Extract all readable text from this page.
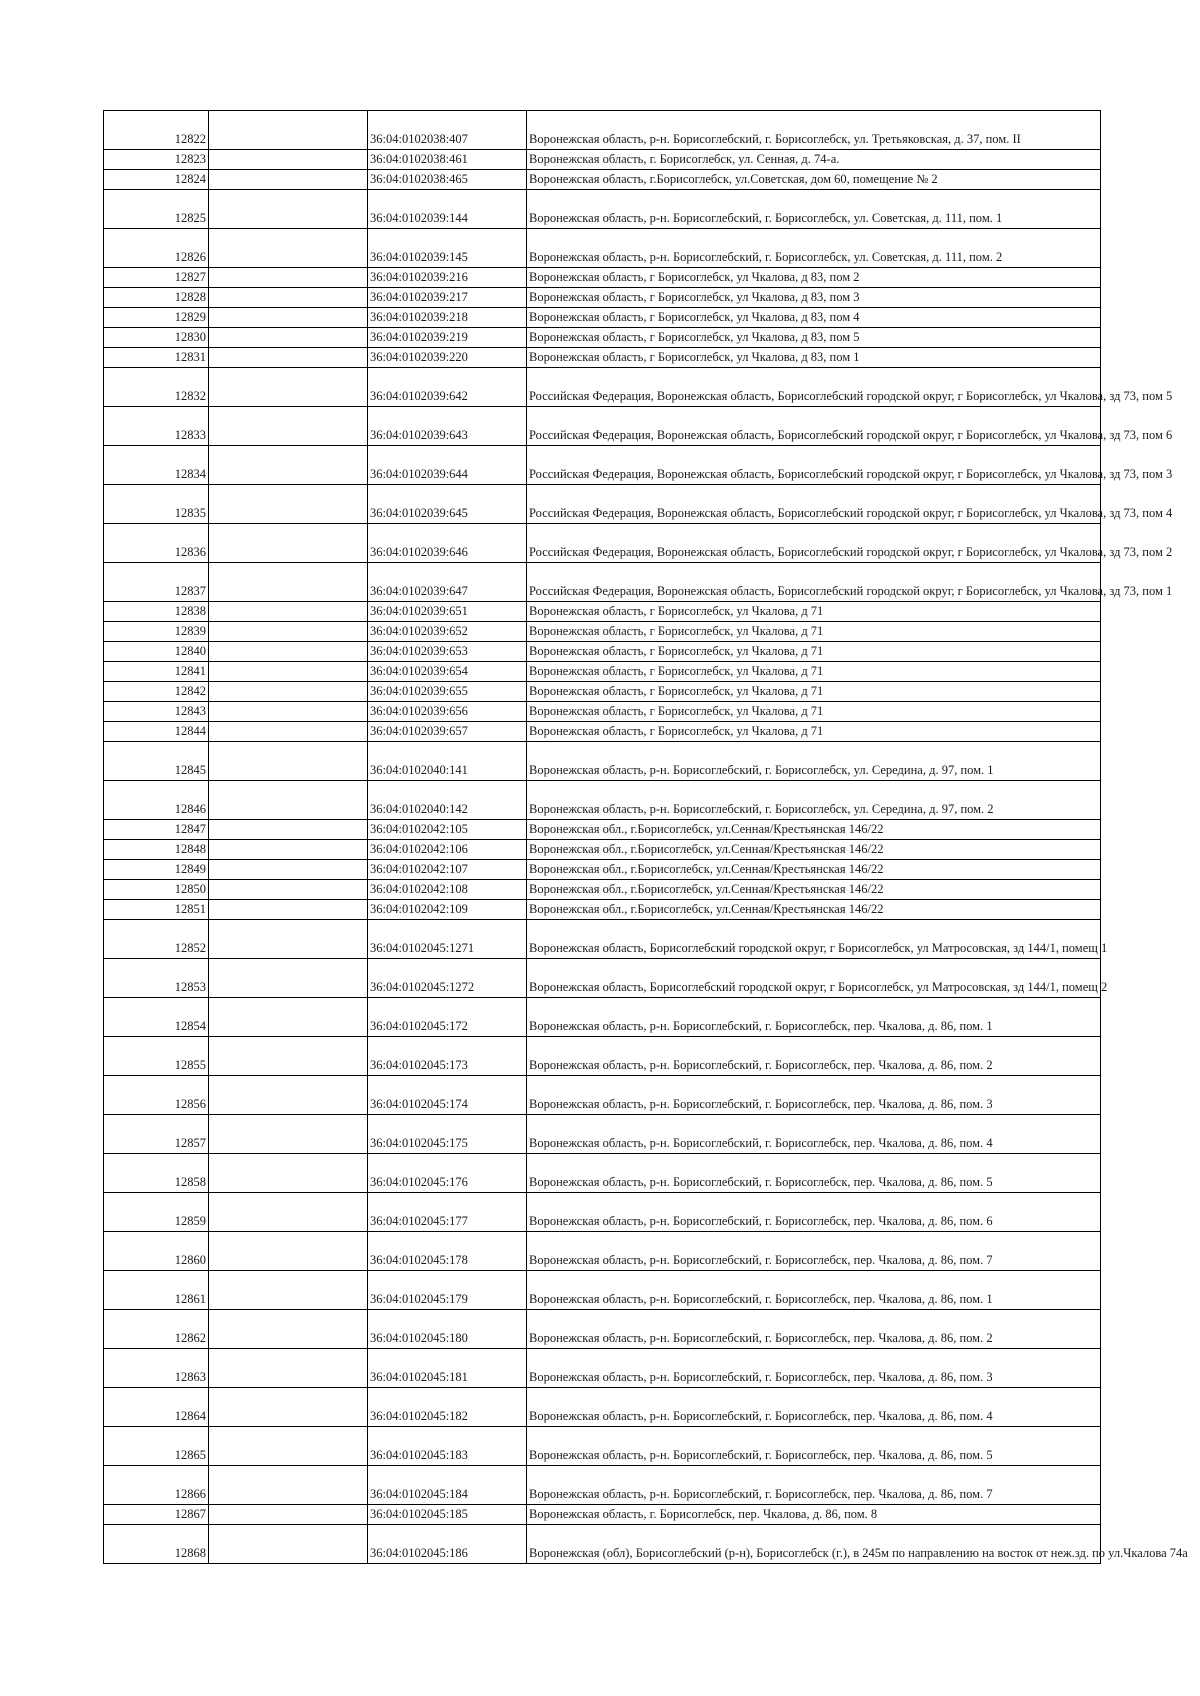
12822		36:04:0102038:407	Воронежская область, р-н. Борисоглебский, г. Борисоглебск, ул. Третьяковская, д. 37, пом. II
12823		36:04:0102038:461	Воронежская область, г. Борисоглебск, ул. Сенная, д. 74-а.
12824		36:04:0102038:465	Воронежская область, г.Борисоглебск, ул.Советская, дом 60, помещение № 2
12825		36:04:0102039:144	Воронежская область, р-н. Борисоглебский, г. Борисоглебск, ул. Советская, д. 111, пом. 1
12826		36:04:0102039:145	Воронежская область, р-н. Борисоглебский, г. Борисоглебск, ул. Советская, д. 111, пом. 2
12827		36:04:0102039:216	Воронежская область, г Борисоглебск, ул Чкалова, д 83, пом 2
12828		36:04:0102039:217	Воронежская область, г Борисоглебск, ул Чкалова, д 83, пом 3
12829		36:04:0102039:218	Воронежская область, г Борисоглебск, ул Чкалова, д 83, пом 4
12830		36:04:0102039:219	Воронежская область, г Борисоглебск, ул Чкалова, д 83, пом 5
12831		36:04:0102039:220	Воронежская область, г Борисоглебск, ул Чкалова, д 83, пом 1
12832		36:04:0102039:642	Российская Федерация, Воронежская область, Борисоглебский городской округ, г Борисоглебск, ул Чкалова, зд 73, пом 5
12833		36:04:0102039:643	Российская Федерация, Воронежская область, Борисоглебский городской округ, г Борисоглебск, ул Чкалова, зд 73, пом 6
12834		36:04:0102039:644	Российская Федерация, Воронежская область, Борисоглебский городской округ, г Борисоглебск, ул Чкалова, зд 73, пом 3
12835		36:04:0102039:645	Российская Федерация, Воронежская область, Борисоглебский городской округ, г Борисоглебск, ул Чкалова, зд 73, пом 4
12836		36:04:0102039:646	Российская Федерация, Воронежская область, Борисоглебский городской округ, г Борисоглебск, ул Чкалова, зд 73, пом 2
12837		36:04:0102039:647	Российская Федерация, Воронежская область, Борисоглебский городской округ, г Борисоглебск, ул Чкалова, зд 73, пом 1
12838		36:04:0102039:651	Воронежская область, г Борисоглебск, ул Чкалова, д 71
12839		36:04:0102039:652	Воронежская область, г Борисоглебск, ул Чкалова, д 71
12840		36:04:0102039:653	Воронежская область, г Борисоглебск, ул Чкалова, д 71
12841		36:04:0102039:654	Воронежская область, г Борисоглебск, ул Чкалова, д 71
12842		36:04:0102039:655	Воронежская область, г Борисоглебск, ул Чкалова, д 71
12843		36:04:0102039:656	Воронежская область, г Борисоглебск, ул Чкалова, д 71
12844		36:04:0102039:657	Воронежская область, г Борисоглебск, ул Чкалова, д 71
12845		36:04:0102040:141	Воронежская область, р-н. Борисоглебский, г. Борисоглебск, ул. Середина, д. 97, пом. 1
12846		36:04:0102040:142	Воронежская область, р-н. Борисоглебский, г. Борисоглебск, ул. Середина, д. 97, пом. 2
12847		36:04:0102042:105	Воронежская обл., г.Борисоглебск, ул.Сенная/Крестьянская 146/22
12848		36:04:0102042:106	Воронежская обл., г.Борисоглебск, ул.Сенная/Крестьянская 146/22
12849		36:04:0102042:107	Воронежская обл., г.Борисоглебск, ул.Сенная/Крестьянская 146/22
12850		36:04:0102042:108	Воронежская обл., г.Борисоглебск, ул.Сенная/Крестьянская 146/22
12851		36:04:0102042:109	Воронежская обл., г.Борисоглебск, ул.Сенная/Крестьянская 146/22
12852		36:04:0102045:1271	Воронежская область, Борисоглебский городской округ, г Борисоглебск, ул Матросовская, зд 144/1, помещ 1
12853		36:04:0102045:1272	Воронежская область, Борисоглебский городской округ, г Борисоглебск, ул Матросовская, зд 144/1, помещ 2
12854		36:04:0102045:172	Воронежская область, р-н. Борисоглебский, г. Борисоглебск, пер. Чкалова, д. 86, пом. 1
12855		36:04:0102045:173	Воронежская область, р-н. Борисоглебский, г. Борисоглебск, пер. Чкалова, д. 86, пом. 2
12856		36:04:0102045:174	Воронежская область, р-н. Борисоглебский, г. Борисоглебск, пер. Чкалова, д. 86, пом. 3
12857		36:04:0102045:175	Воронежская область, р-н. Борисоглебский, г. Борисоглебск, пер. Чкалова, д. 86, пом. 4
12858		36:04:0102045:176	Воронежская область, р-н. Борисоглебский, г. Борисоглебск, пер. Чкалова, д. 86, пом. 5
12859		36:04:0102045:177	Воронежская область, р-н. Борисоглебский, г. Борисоглебск, пер. Чкалова, д. 86, пом. 6
12860		36:04:0102045:178	Воронежская область, р-н. Борисоглебский, г. Борисоглебск, пер. Чкалова, д. 86, пом. 7
12861		36:04:0102045:179	Воронежская область, р-н. Борисоглебский, г. Борисоглебск, пер. Чкалова, д. 86, пом. 1
12862		36:04:0102045:180	Воронежская область, р-н. Борисоглебский, г. Борисоглебск, пер. Чкалова, д. 86, пом. 2
12863		36:04:0102045:181	Воронежская область, р-н. Борисоглебский, г. Борисоглебск, пер. Чкалова, д. 86, пом. 3
12864		36:04:0102045:182	Воронежская область, р-н. Борисоглебский, г. Борисоглебск, пер. Чкалова, д. 86, пом. 4
12865		36:04:0102045:183	Воронежская область, р-н. Борисоглебский, г. Борисоглебск, пер. Чкалова, д. 86, пом. 5
12866		36:04:0102045:184	Воронежская область, р-н. Борисоглебский, г. Борисоглебск, пер. Чкалова, д. 86, пом. 7
12867		36:04:0102045:185	Воронежская область, г. Борисоглебск, пер. Чкалова, д. 86, пом. 8
12868		36:04:0102045:186	Воронежская (обл), Борисоглебский (р-н), Борисоглебск (г.), в 245м по направлению на восток от неж.зд. по ул.Чкалова 74а
